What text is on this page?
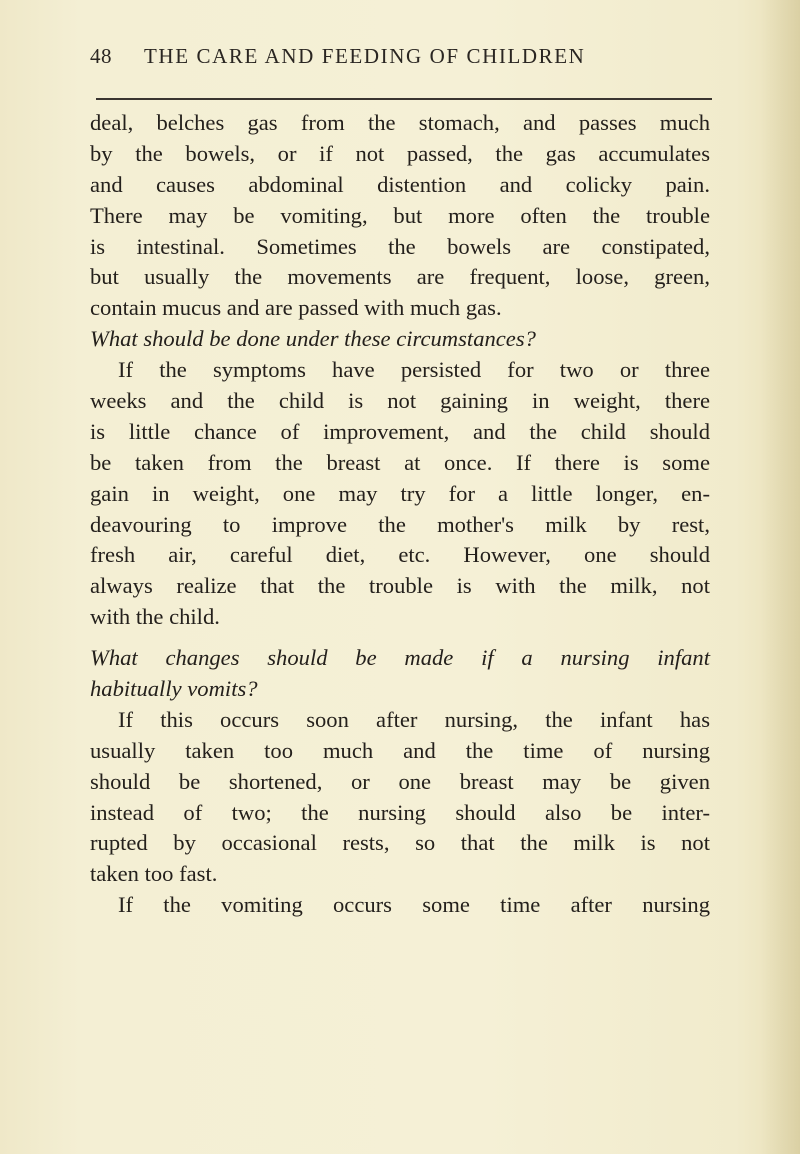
48 THE CARE AND FEEDING OF CHILDREN
deal, belches gas from the stomach, and passes much
by the bowels, or if not passed, the gas accumulates
and causes abdominal distention and colicky pain.
There may be vomiting, but more often the trouble
is intestinal. Sometimes the bowels are constipated,
but usually the movements are frequent, loose, green,
contain mucus and are passed with much gas.
What should be done under these circumstances?
If the symptoms have persisted for two or three
weeks and the child is not gaining in weight, there
is little chance of improvement, and the child should
be taken from the breast at once. If there is some
gain in weight, one may try for a little longer, en-
deavouring to improve the mother's milk by rest,
fresh air, careful diet, etc. However, one should
always realize that the trouble is with the milk, not
with the child.
What changes should be made if a nursing infant
habitually vomits?
If this occurs soon after nursing, the infant has
usually taken too much and the time of nursing
should be shortened, or one breast may be given
instead of two; the nursing should also be inter-
rupted by occasional rests, so that the milk is not
taken too fast.
If the vomiting occurs some time after nursing
